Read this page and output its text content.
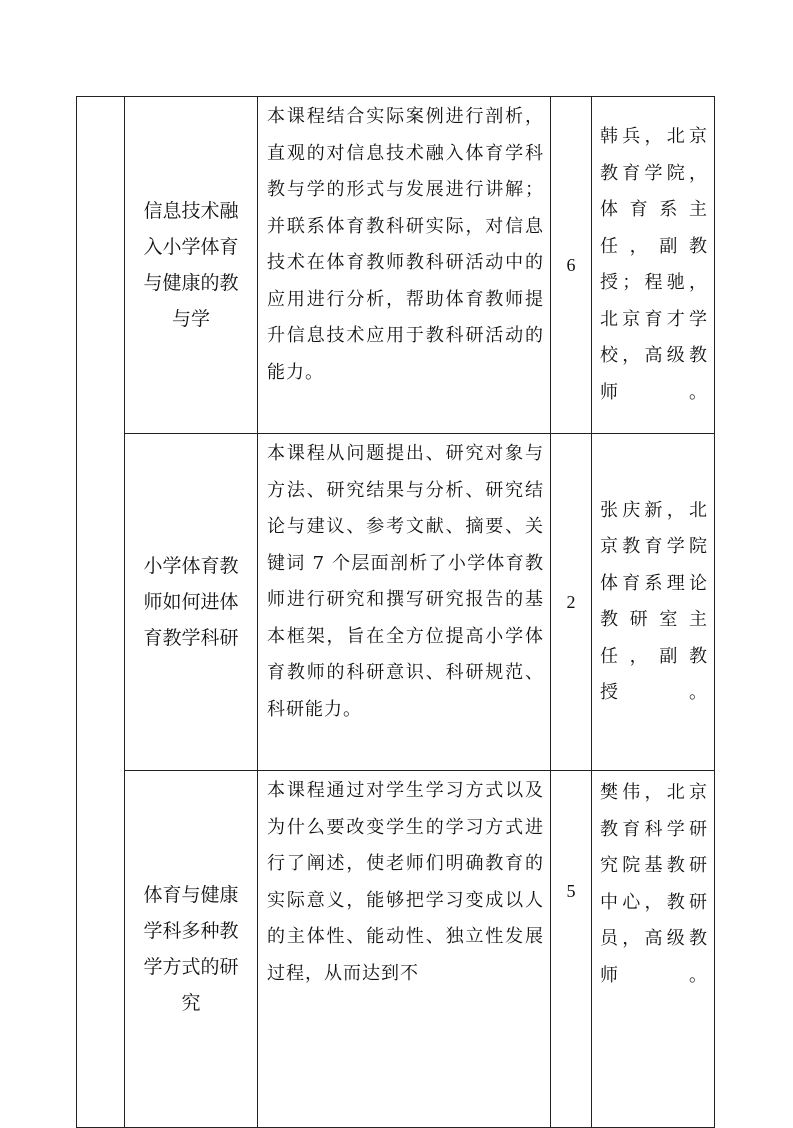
	信息技术融入小学体育与健康的教与学	本课程结合实际案例进行剖析，直观的对信息技术融入体育学科教与学的形式与发展进行讲解；并联系体育教科研实际，对信息技术在体育教师教科研活动中的应用进行分析，帮助体育教师提升信息技术应用于教科研活动的能力。	6	韩兵，北京教育学院，体育系主任，副教授；程驰，北京育才学校，高级教师。
	小学体育教师如何进体育教学科研	本课程从问题提出、研究对象与方法、研究结果与分析、研究结论与建议、参考文献、摘要、关键词 7 个层面剖析了小学体育教师进行研究和撰写研究报告的基本框架，旨在全方位提高小学体育教师的科研意识、科研规范、科研能力。	2	张庆新，北京教育学院体育系理论教研室主任，副教授。
	体育与健康学科多种教学方式的研究	本课程通过对学生学习方式以及为什么要改变学生的学习方式进行了阐述，使老师们明确教育的实际意义，能够把学习变成以人的主体性、能动性、独立性发展过程，从而达到不	5	樊伟，北京教育科学研究院基教研中心，教研员，高级教师。
